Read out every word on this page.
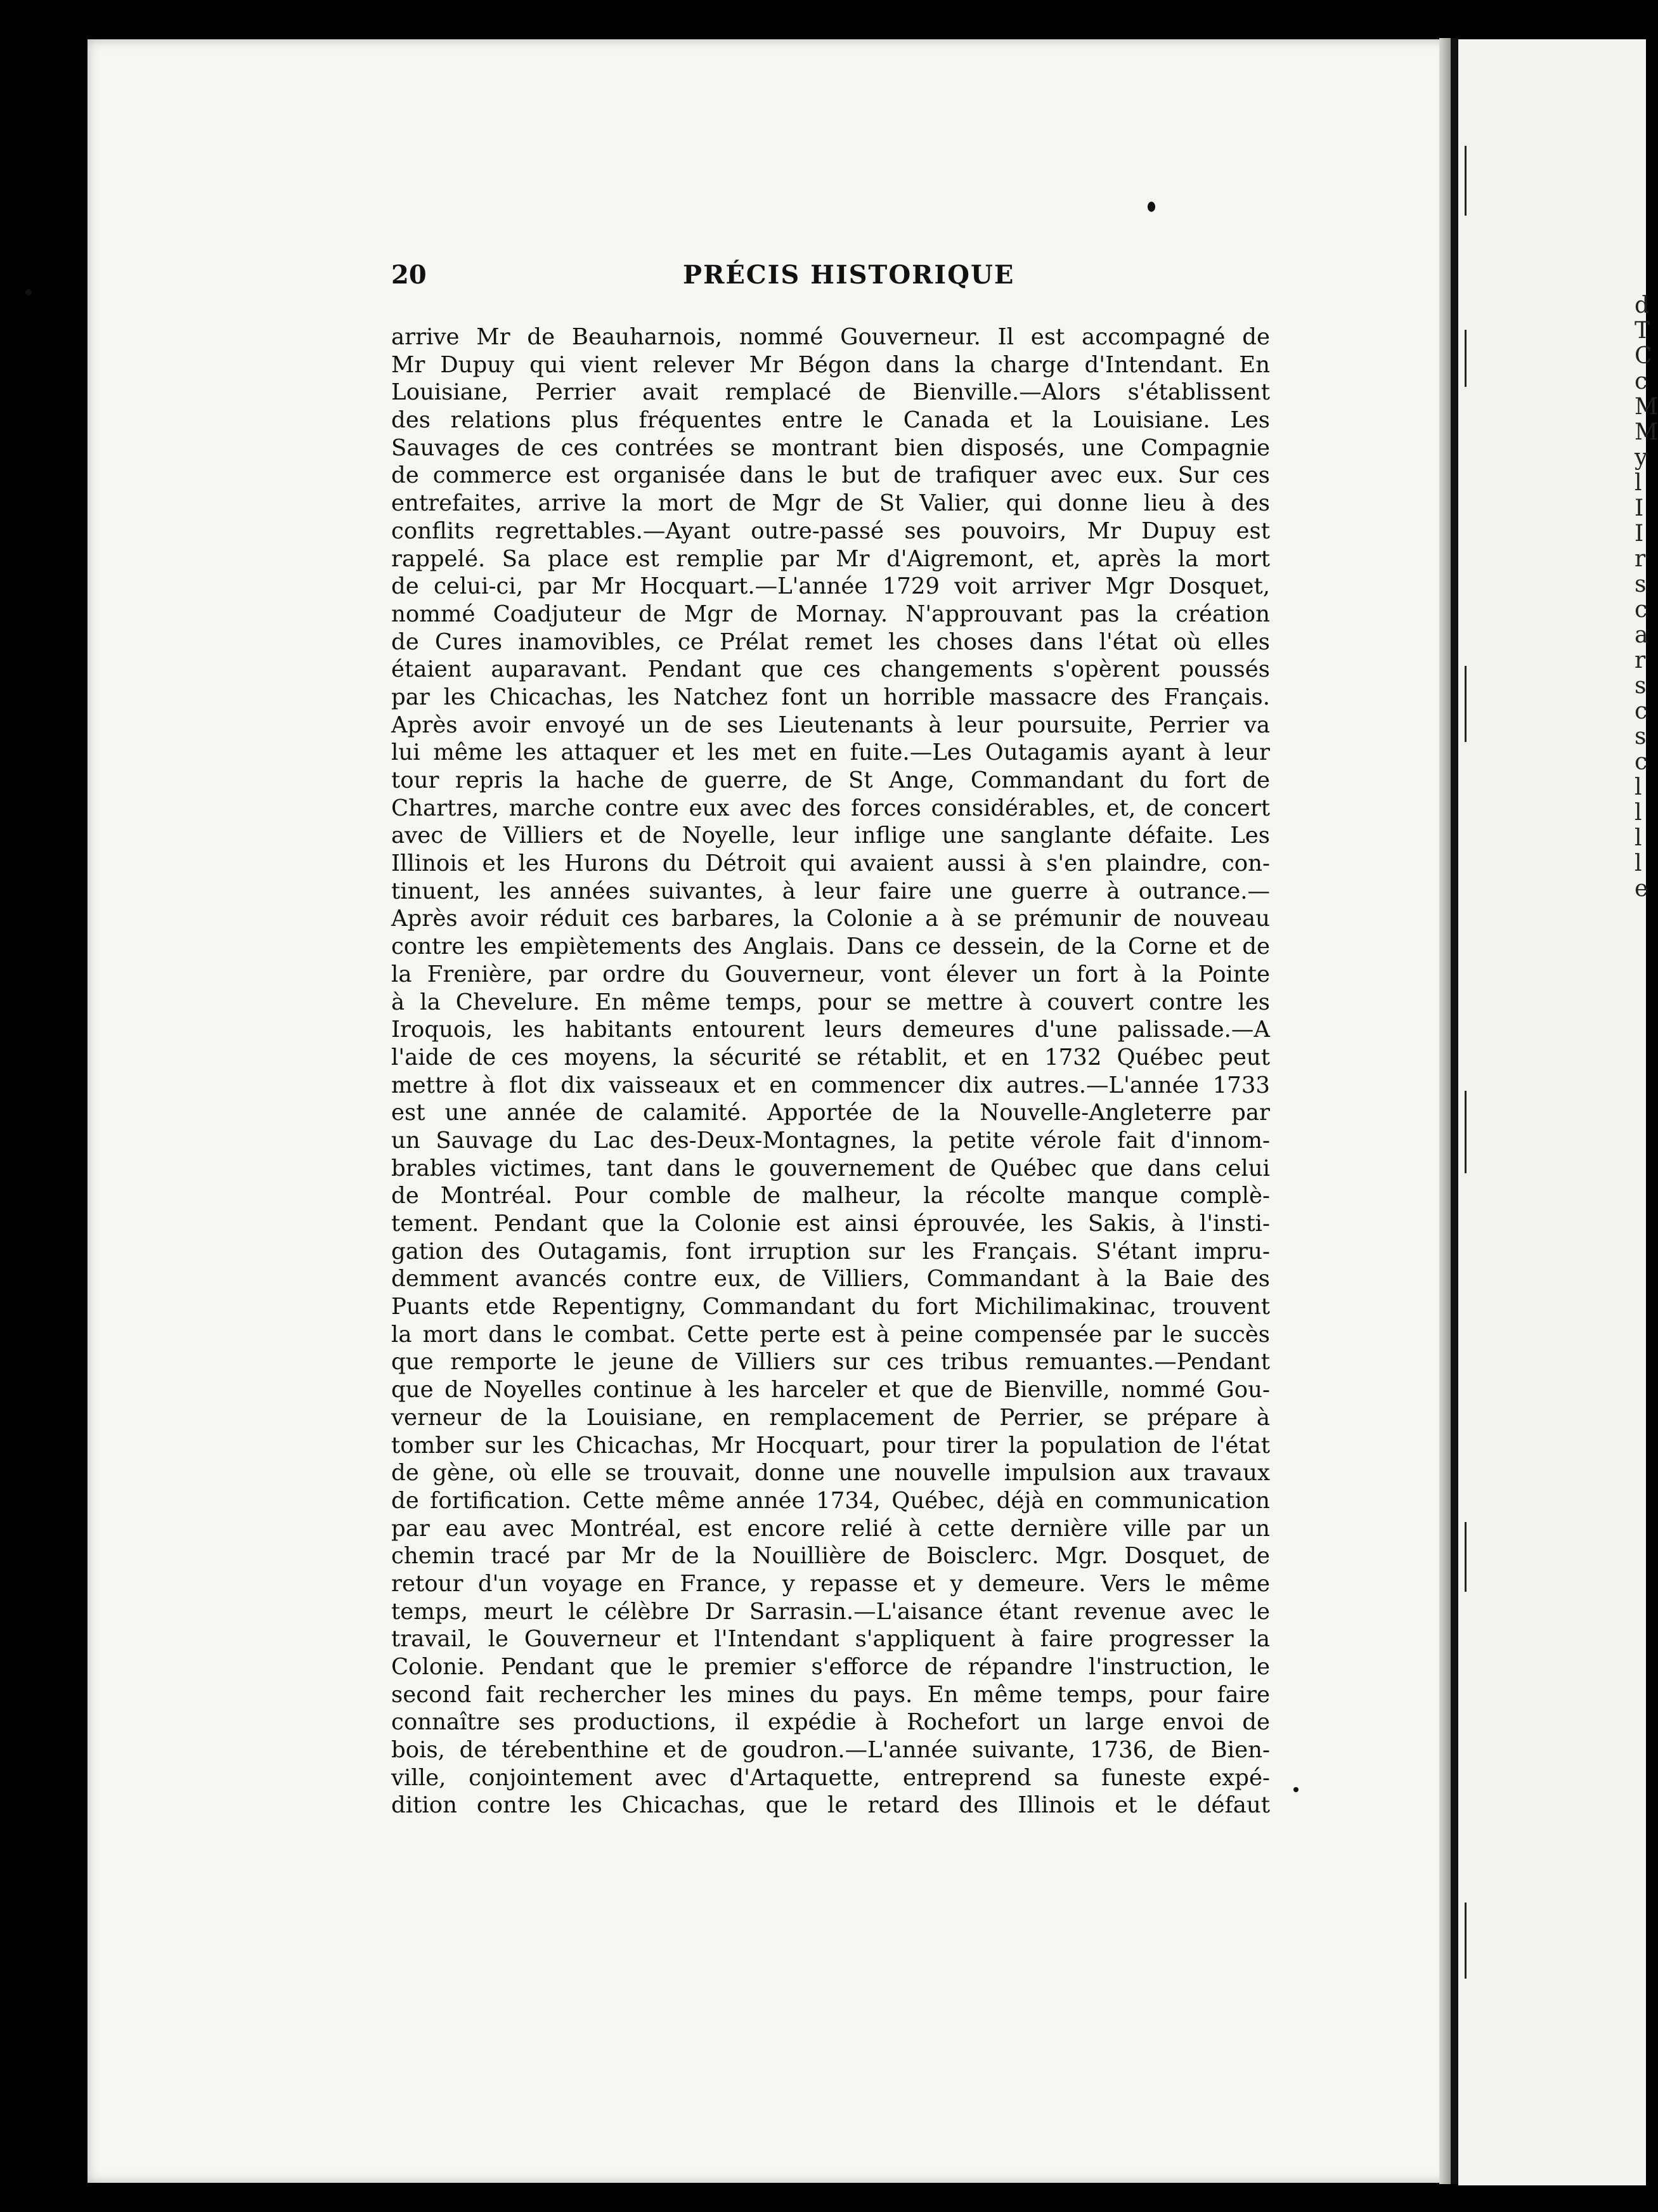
d
T
C
c
M
M
y
l
I
I
r
s
c
a
r
s
c
s
c
l
l
l
l
e
20	PRÉCIS HISTORIQUE
arrive Mr de Beauharnois, nommé Gouverneur. Il est accompagné de
Mr Dupuy qui vient relever Mr Bégon dans la charge d'Intendant. En
Louisiane, Perrier avait remplacé de Bienville.—Alors s'établissent
des relations plus fréquentes entre le Canada et la Louisiane. Les
Sauvages de ces contrées se montrant bien disposés, une Compagnie
de commerce est organisée dans le but de trafiquer avec eux. Sur ces
entrefaites, arrive la mort de Mgr de St Valier, qui donne lieu à des
conflits regrettables.—Ayant outre-passé ses pouvoirs, Mr Dupuy est
rappelé. Sa place est remplie par Mr d'Aigremont, et, après la mort
de celui-ci, par Mr Hocquart.—L'année 1729 voit arriver Mgr Dosquet,
nommé Coadjuteur de Mgr de Mornay. N'approuvant pas la création
de Cures inamovibles, ce Prélat remet les choses dans l'état où elles
étaient auparavant. Pendant que ces changements s'opèrent poussés
par les Chicachas, les Natchez font un horrible massacre des Français.
Après avoir envoyé un de ses Lieutenants à leur poursuite, Perrier va
lui même les attaquer et les met en fuite.—Les Outagamis ayant à leur
tour repris la hache de guerre, de St Ange, Commandant du fort de
Chartres, marche contre eux avec des forces considérables, et, de concert
avec de Villiers et de Noyelle, leur inflige une sanglante défaite. Les
Illinois et les Hurons du Détroit qui avaient aussi à s'en plaindre, con-
tinuent, les années suivantes, à leur faire une guerre à outrance.—
Après avoir réduit ces barbares, la Colonie a à se prémunir de nouveau
contre les empiètements des Anglais. Dans ce dessein, de la Corne et de
la Frenière, par ordre du Gouverneur, vont élever un fort à la Pointe
à la Chevelure. En même temps, pour se mettre à couvert contre les
Iroquois, les habitants entourent leurs demeures d'une palissade.—A
l'aide de ces moyens, la sécurité se rétablit, et en 1732 Québec peut
mettre à flot dix vaisseaux et en commencer dix autres.—L'année 1733
est une année de calamité. Apportée de la Nouvelle-Angleterre par
un Sauvage du Lac des-Deux-Montagnes, la petite vérole fait d'innom-
brables victimes, tant dans le gouvernement de Québec que dans celui
de Montréal. Pour comble de malheur, la récolte manque complè-
tement. Pendant que la Colonie est ainsi éprouvée, les Sakis, à l'insti-
gation des Outagamis, font irruption sur les Français. S'étant impru-
demment avancés contre eux, de Villiers, Commandant à la Baie des
Puants etde Repentigny, Commandant du fort Michilimakinac, trouvent
la mort dans le combat. Cette perte est à peine compensée par le succès
que remporte le jeune de Villiers sur ces tribus remuantes.—Pendant
que de Noyelles continue à les harceler et que de Bienville, nommé Gou-
verneur de la Louisiane, en remplacement de Perrier, se prépare à
tomber sur les Chicachas, Mr Hocquart, pour tirer la population de l'état
de gène, où elle se trouvait, donne une nouvelle impulsion aux travaux
de fortification. Cette même année 1734, Québec, déjà en communication
par eau avec Montréal, est encore relié à cette dernière ville par un
chemin tracé par Mr de la Nouillière de Boisclerc. Mgr. Dosquet, de
retour d'un voyage en France, y repasse et y demeure. Vers le même
temps, meurt le célèbre Dr Sarrasin.—L'aisance étant revenue avec le
travail, le Gouverneur et l'Intendant s'appliquent à faire progresser la
Colonie. Pendant que le premier s'efforce de répandre l'instruction, le
second fait rechercher les mines du pays. En même temps, pour faire
connaître ses productions, il expédie à Rochefort un large envoi de
bois, de térebenthine et de goudron.—L'année suivante, 1736, de Bien-
ville, conjointement avec d'Artaquette, entreprend sa funeste expé-
dition contre les Chicachas, que le retard des Illinois et le défaut
